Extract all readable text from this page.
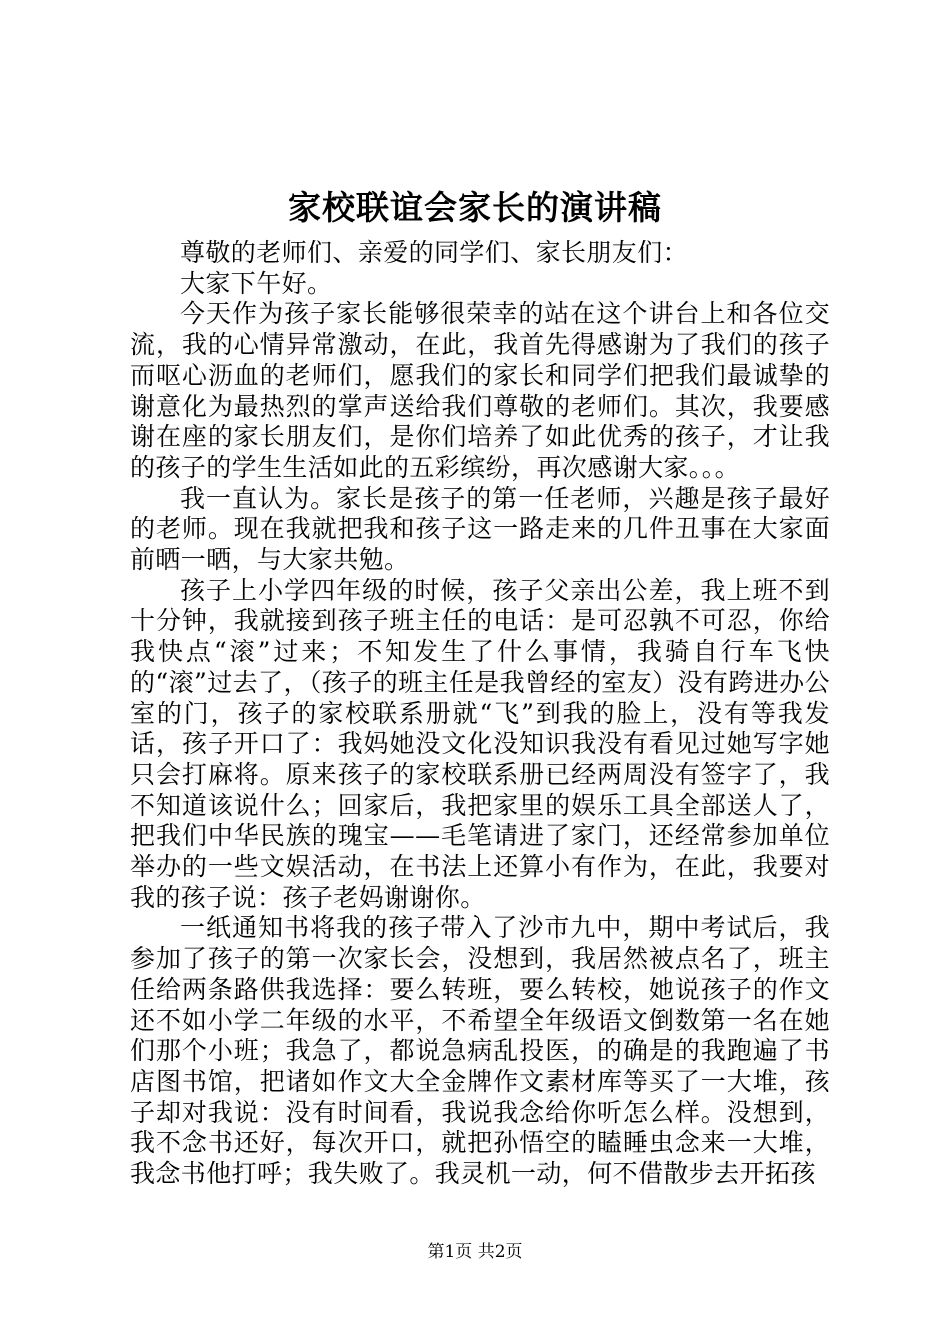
家校联谊会家长的演讲稿

尊敬的老师们、亲爱的同学们、家长朋友们：

大家下午好。

今天作为孩子家长能够很荣幸的站在这个讲台上和各位交流，我的心情异常激动，在此，我首先得感谢为了我们的孩子而呕心沥血的老师们，愿我们的家长和同学们把我们最诚挚的谢意化为最热烈的掌声送给我们尊敬的老师们。其次，我要感谢在座的家长朋友们，是你们培养了如此优秀的孩子，才让我的孩子的学生生活如此的五彩缤纷，再次感谢大家。。。

我一直认为。家长是孩子的第一任老师，兴趣是孩子最好的老师。现在我就把我和孩子这一路走来的几件丑事在大家面前晒一晒，与大家共勉。

孩子上小学四年级的时候，孩子父亲出公差，我上班不到十分钟，我就接到孩子班主任的电话：是可忍孰不可忍，你给我快点“滚”过来；不知发生了什么事情，我骑自行车飞快的“滚”过去了，（孩子的班主任是我曾经的室友）没有跨进办公室的门，孩子的家校联系册就“飞”到我的脸上，没有等我发话，孩子开口了：我妈她没文化没知识我没有看见过她写字她只会打麻将。原来孩子的家校联系册已经两周没有签字了，我不知道该说什么；回家后，我把家里的娱乐工具全部送人了，把我们中华民族的瑰宝——毛笔请进了家门，还经常参加单位举办的一些文娱活动，在书法上还算小有作为，在此，我要对我的孩子说：孩子老妈谢谢你。

一纸通知书将我的孩子带入了沙市九中，期中考试后，我参加了孩子的第一次家长会，没想到，我居然被点名了，班主任给两条路供我选择：要么转班，要么转校，她说孩子的作文还不如小学二年级的水平，不希望全年级语文倒数第一名在她们那个小班；我急了，都说急病乱投医，的确是的我跑遍了书店图书馆，把诸如作文大全金牌作文素材库等买了一大堆，孩子却对我说：没有时间看，我说我念给你听怎么样。没想到，我不念书还好，每次开口，就把孙悟空的瞌睡虫念来一大堆，我念书他打呼；我失败了。我灵机一动，何不借散步去开拓孩

第1页 共2页
